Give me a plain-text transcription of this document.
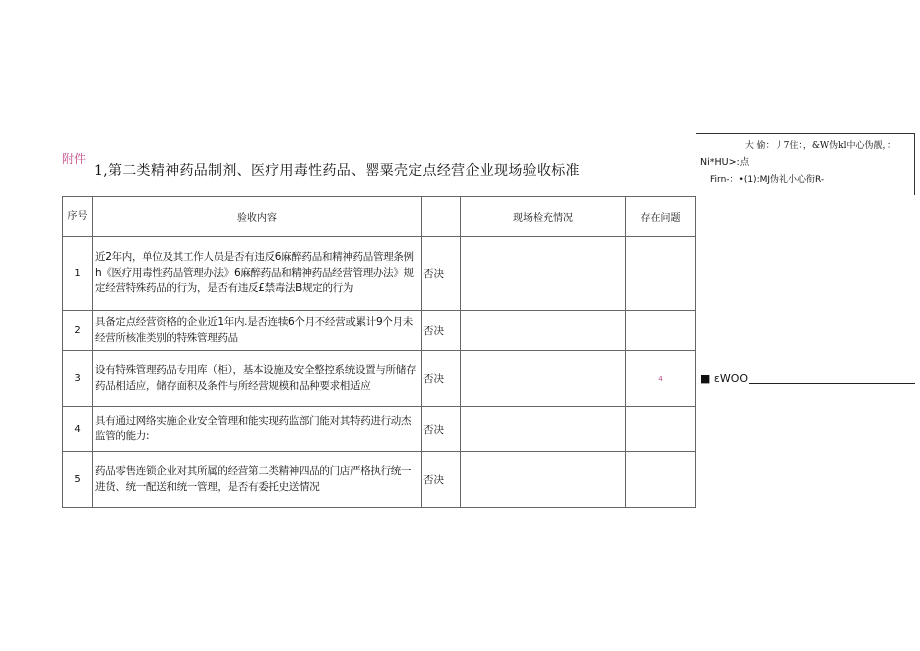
附件
1,第二类精神药品制剂、医疗用毒性药品、罂粟壳定点经营企业现场验收标准
大 偷：丿7住：，&W伪kl中心伪靓，：
Ni*HU>:点
Firn-：•(1):MJ伪礼小心衔R-
序号	验收内容		现场检充情况	存在问题
1	近2年内，单位及其工作人员是否有违反6麻醉药品和精神药品管理条例h《医疗用毒性药品管理办法》6麻醉药品和精神药品经营管理办法》规定经营特殊药品的行为，是否有违反£禁毒法B规定的行为	否决		
2	具备定点经营资格的企业近1年内.是否连犊6个月不经营或累计9个月未经营所核准类别的特殊管理药品	否决		
3	设有特殊管理药品专用库（柜），基本设施及安全整控系统设置与所储存药品相适应，储存面积及条件与所经营规模和品种要求相适应	否决		4
4	具有通过网络实施企业安全管理和能实现药监部门能对其特药进行动杰监管的能力:	否决		
5	药品零售连锁企业对其所属的经营第二类精神四品的门店严格执行统一进货、统一配送和统一管理，是否有委托史送情况	否决		
■ ɛWOO
